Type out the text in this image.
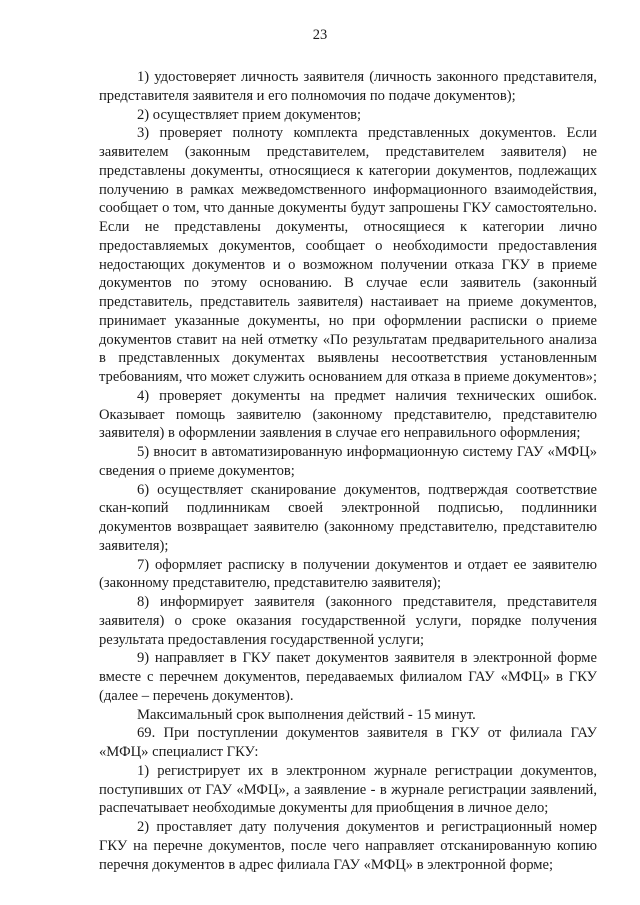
23

1) удостоверяет личность заявителя (личность законного представителя, представителя заявителя и его полномочия по подаче документов);

2) осуществляет прием документов;

3) проверяет полноту комплекта представленных документов. Если заявителем (законным представителем, представителем заявителя) не представлены документы, относящиеся к категории документов, подлежащих получению в рамках межведомственного информационного взаимодействия, сообщает о том, что данные документы будут запрошены ГКУ самостоятельно. Если не представлены документы, относящиеся к категории лично предоставляемых документов, сообщает о необходимости предоставления недостающих документов и о возможном получении отказа ГКУ в приеме документов по этому основанию. В случае если заявитель (законный представитель, представитель заявителя) настаивает на приеме документов, принимает указанные документы, но при оформлении расписки о приеме документов ставит на ней отметку «По результатам предварительного анализа в представленных документах выявлены несоответствия установленным требованиям, что может служить основанием для отказа в приеме документов»;

4) проверяет документы на предмет наличия технических ошибок. Оказывает помощь заявителю (законному представителю, представителю заявителя) в оформлении заявления в случае его неправильного оформления;

5) вносит в автоматизированную информационную систему ГАУ «МФЦ» сведения о приеме документов;

6) осуществляет сканирование документов, подтверждая соответствие скан-копий подлинникам своей электронной подписью, подлинники документов возвращает заявителю (законному представителю, представителю заявителя);

7) оформляет расписку в получении документов и отдает ее заявителю (законному представителю, представителю заявителя);

8) информирует заявителя (законного представителя, представителя заявителя) о сроке оказания государственной услуги, порядке получения результата предоставления государственной услуги;

9) направляет в ГКУ пакет документов заявителя в электронной форме вместе с перечнем документов, передаваемых филиалом ГАУ «МФЦ» в ГКУ (далее – перечень документов).

Максимальный срок выполнения действий - 15 минут.

69. При поступлении документов заявителя в ГКУ от филиала ГАУ «МФЦ» специалист ГКУ:

1) регистрирует их в электронном журнале регистрации документов, поступивших от ГАУ «МФЦ», а заявление - в журнале регистрации заявлений, распечатывает необходимые документы для приобщения в личное дело;

2) проставляет дату получения документов и регистрационный номер ГКУ на перечне документов, после чего направляет отсканированную копию перечня документов в адрес филиала ГАУ «МФЦ» в электронной форме;
